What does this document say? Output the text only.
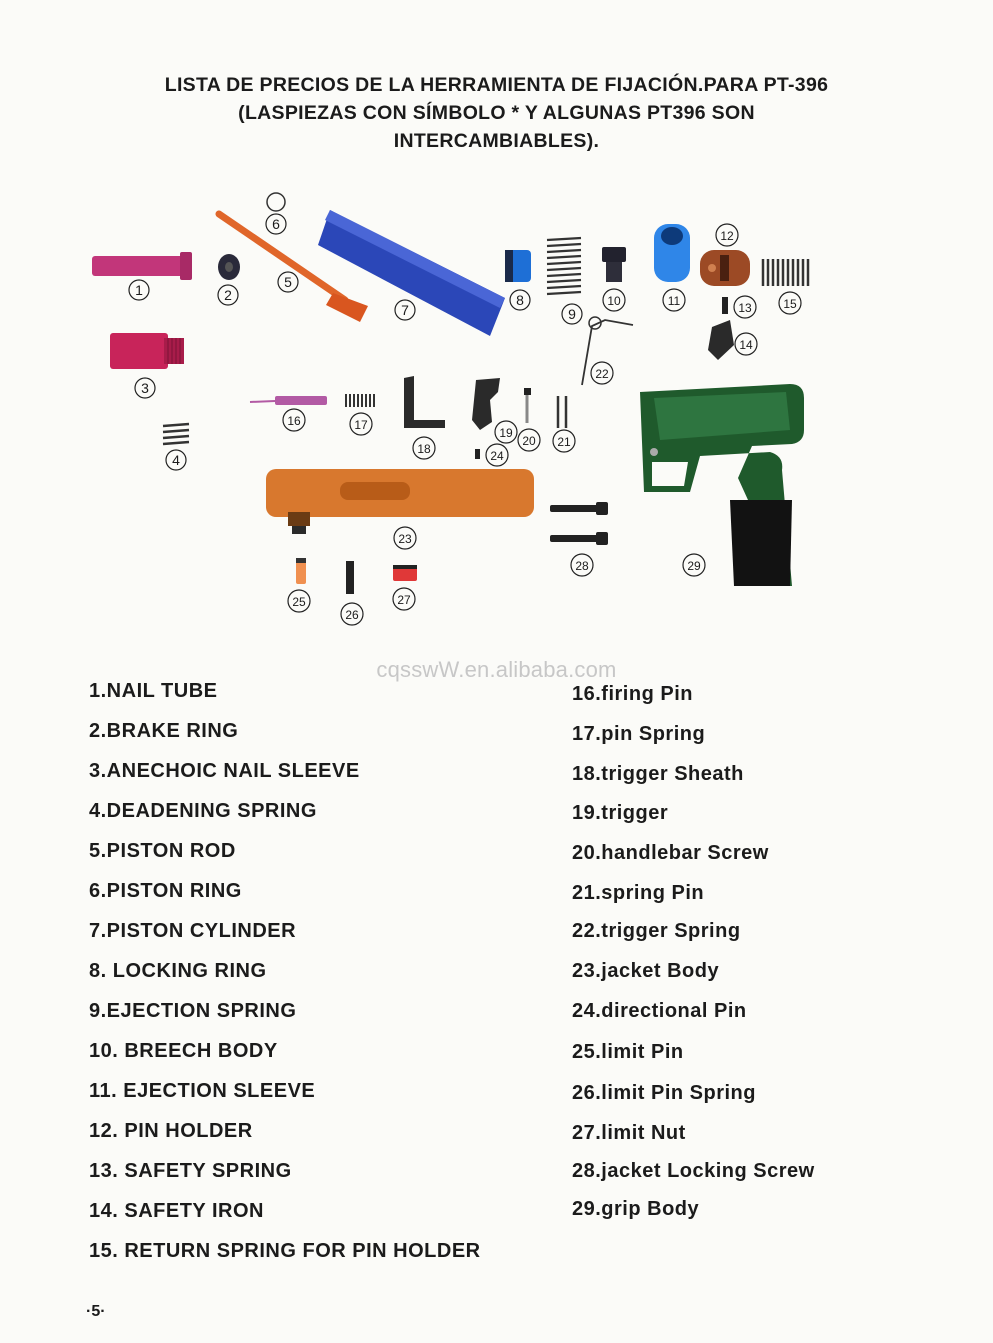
LISTA DE PRECIOS DE LA HERRAMIENTA DE FIJACIÓN.PARA PT-396
(LASPIEZAS CON SÍMBOLO * Y ALGUNAS PT396 SON
INTERCAMBIABLES).
1	2
3
4
5
6
7
8
9
10	11
12
13
14
15
16	17
18
19
20 21
22
23
24
25
26
27
28	29
cqsswW.en.alibaba.com
1.NAIL TUBE
2.BRAKE RING
3.ANECHOIC NAIL SLEEVE
4.DEADENING SPRING
5.PISTON ROD
6.PISTON RING
7.PISTON CYLINDER
8. LOCKING RING
9.EJECTION SPRING
10. BREECH BODY
11. EJECTION SLEEVE
12. PIN HOLDER
13. SAFETY SPRING
14. SAFETY IRON
15. RETURN SPRING FOR PIN HOLDER
16.firing Pin
17.pin Spring
18.trigger Sheath
19.trigger
20.handlebar Screw
21.spring Pin
22.trigger Spring
23.jacket Body
24.directional Pin
25.limit Pin
26.limit Pin Spring
27.limit Nut
28.jacket Locking Screw
29.grip Body
·5·
